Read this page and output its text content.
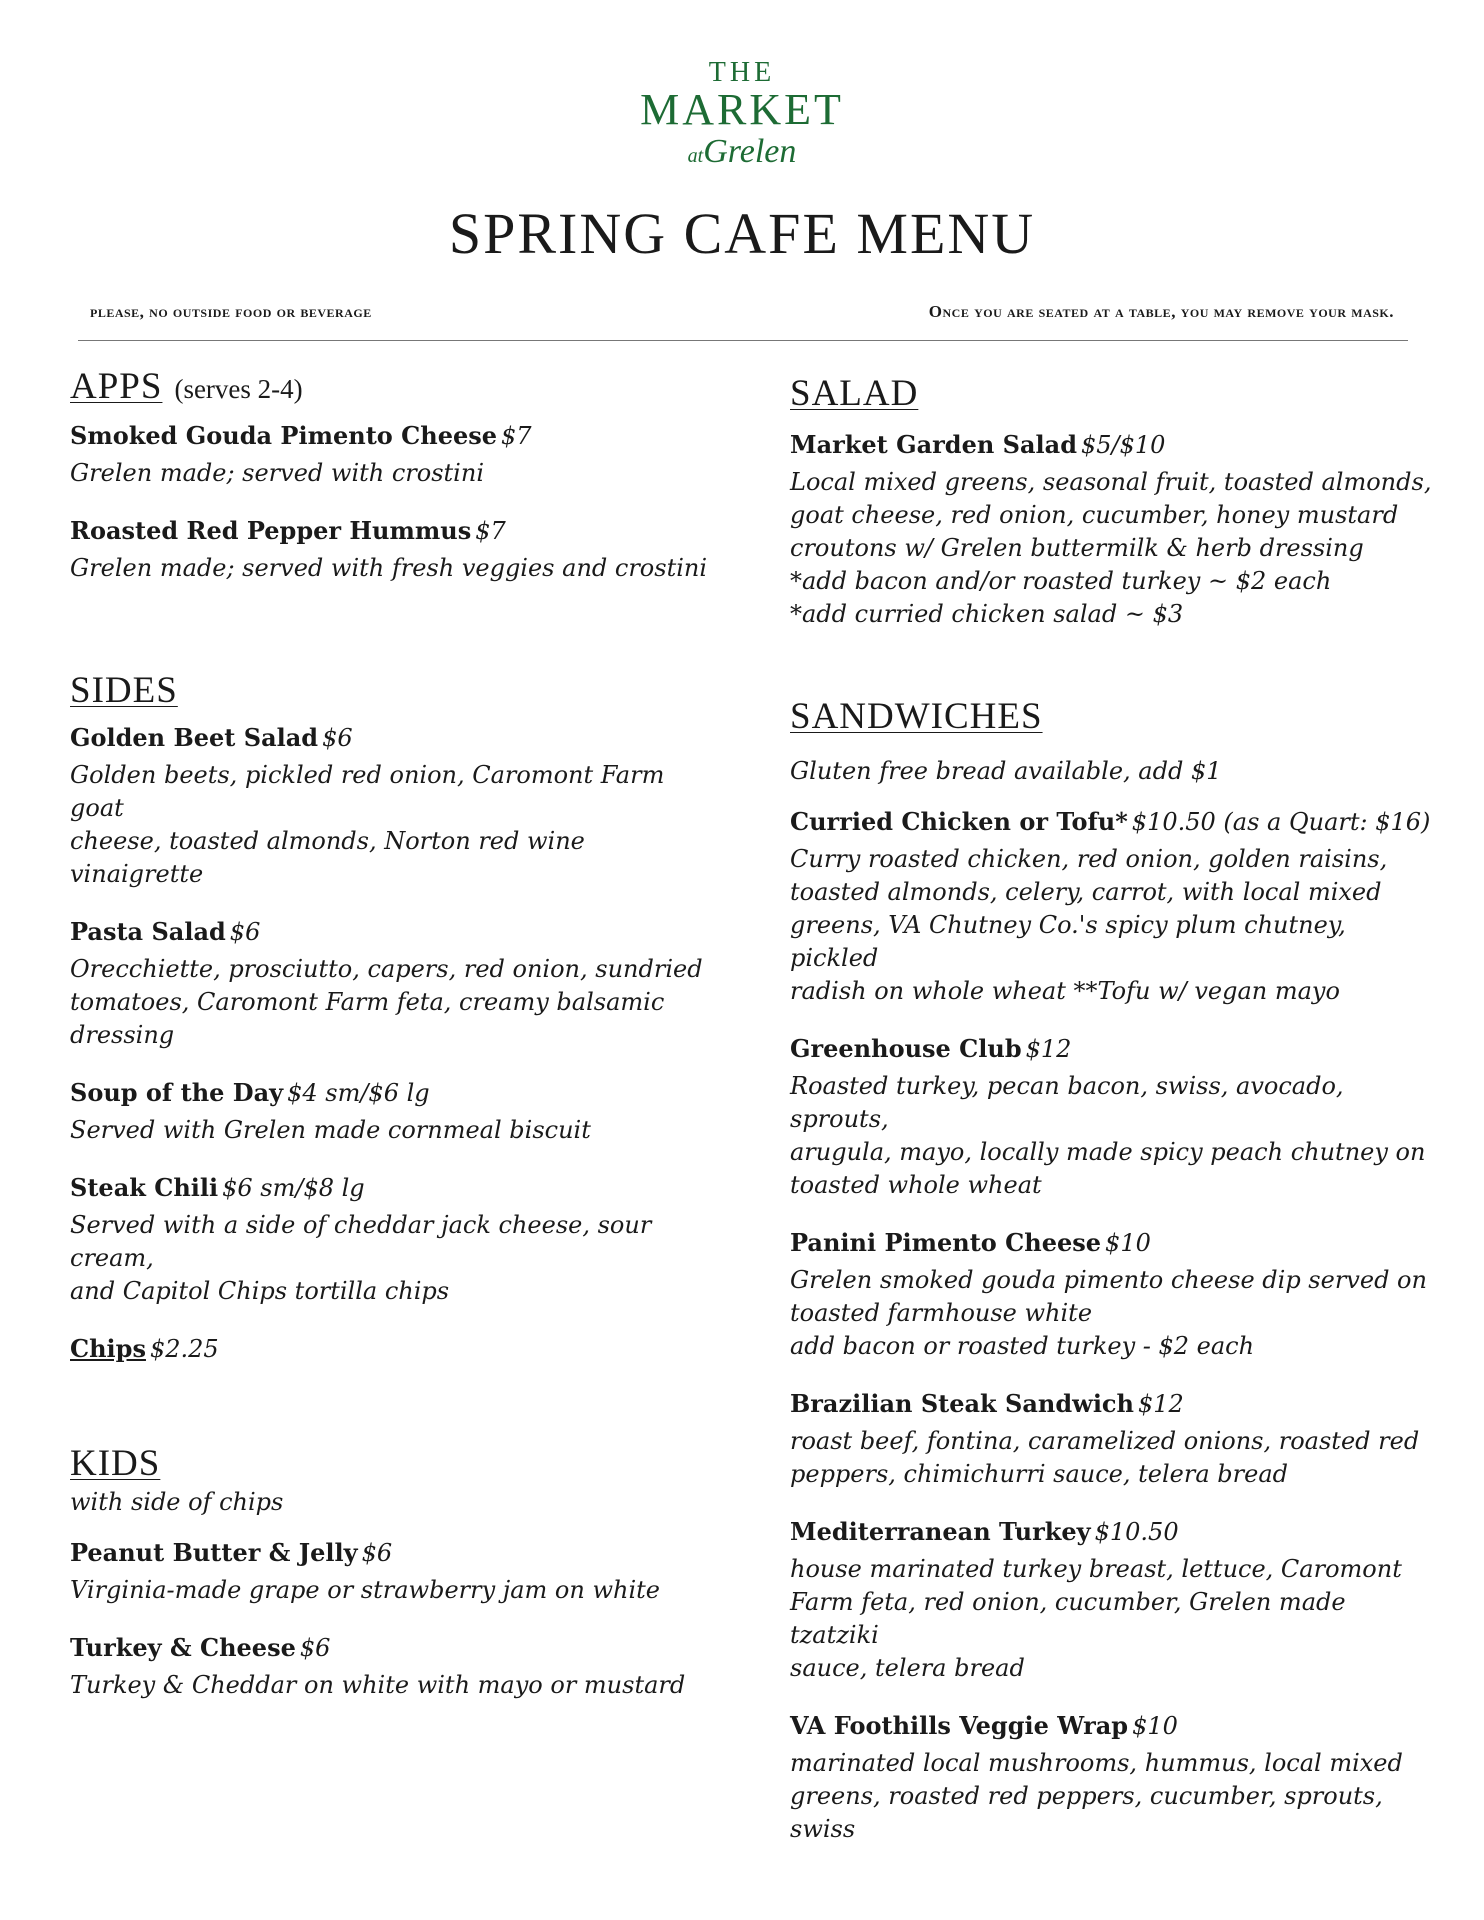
THE
MARKET
atGrelen
SPRING CAFE MENU
please, no outside food or beverage	Once you are seated at a table, you may remove your mask.
APPS (serves 2-4)
Smoked Gouda Pimento Cheese $7
Grelen made; served with crostini
Roasted Red Pepper Hummus $7
Grelen made; served with fresh veggies and crostini
SIDES
Golden Beet Salad $6
Golden beets, pickled red onion, Caromont Farm goat
cheese, toasted almonds, Norton red wine vinaigrette
Pasta Salad $6
Orecchiette, prosciutto, capers, red onion, sundried
tomatoes, Caromont Farm feta, creamy balsamic
dressing
Soup of the Day $4 sm/$6 lg
Served with Grelen made cornmeal biscuit
Steak Chili $6 sm/$8 lg
Served with a side of cheddar jack cheese, sour cream,
and Capitol Chips tortilla chips
Chips $2.25
KIDS
with side of chips
Peanut Butter & Jelly $6
Virginia-made grape or strawberry jam on white
Turkey & Cheese $6
Turkey & Cheddar on white with mayo or mustard
SALAD
Market Garden Salad $5/$10
Local mixed greens, seasonal fruit, toasted almonds,
goat cheese, red onion, cucumber, honey mustard
croutons w/ Grelen buttermilk & herb dressing
*add bacon and/or roasted turkey ~ $2 each
*add curried chicken salad ~ $3
SANDWICHES
Gluten free bread available, add $1
Curried Chicken or Tofu* $10.50 (as a Quart: $16)
Curry roasted chicken, red onion, golden raisins,
toasted almonds, celery, carrot, with local mixed
greens, VA Chutney Co.'s spicy plum chutney, pickled
radish on whole wheat **Tofu w/ vegan mayo
Greenhouse Club $12
Roasted turkey, pecan bacon, swiss, avocado, sprouts,
arugula, mayo, locally made spicy peach chutney on
toasted whole wheat
Panini Pimento Cheese $10
Grelen smoked gouda pimento cheese dip served on
toasted farmhouse white
add bacon or roasted turkey - $2 each
Brazilian Steak Sandwich $12
roast beef, fontina, caramelized onions, roasted red
peppers, chimichurri sauce, telera bread
Mediterranean Turkey $10.50
house marinated turkey breast, lettuce, Caromont
Farm feta, red onion, cucumber, Grelen made tzatziki
sauce, telera bread
VA Foothills Veggie Wrap $10
marinated local mushrooms, hummus, local mixed
greens, roasted red peppers, cucumber, sprouts, swiss
